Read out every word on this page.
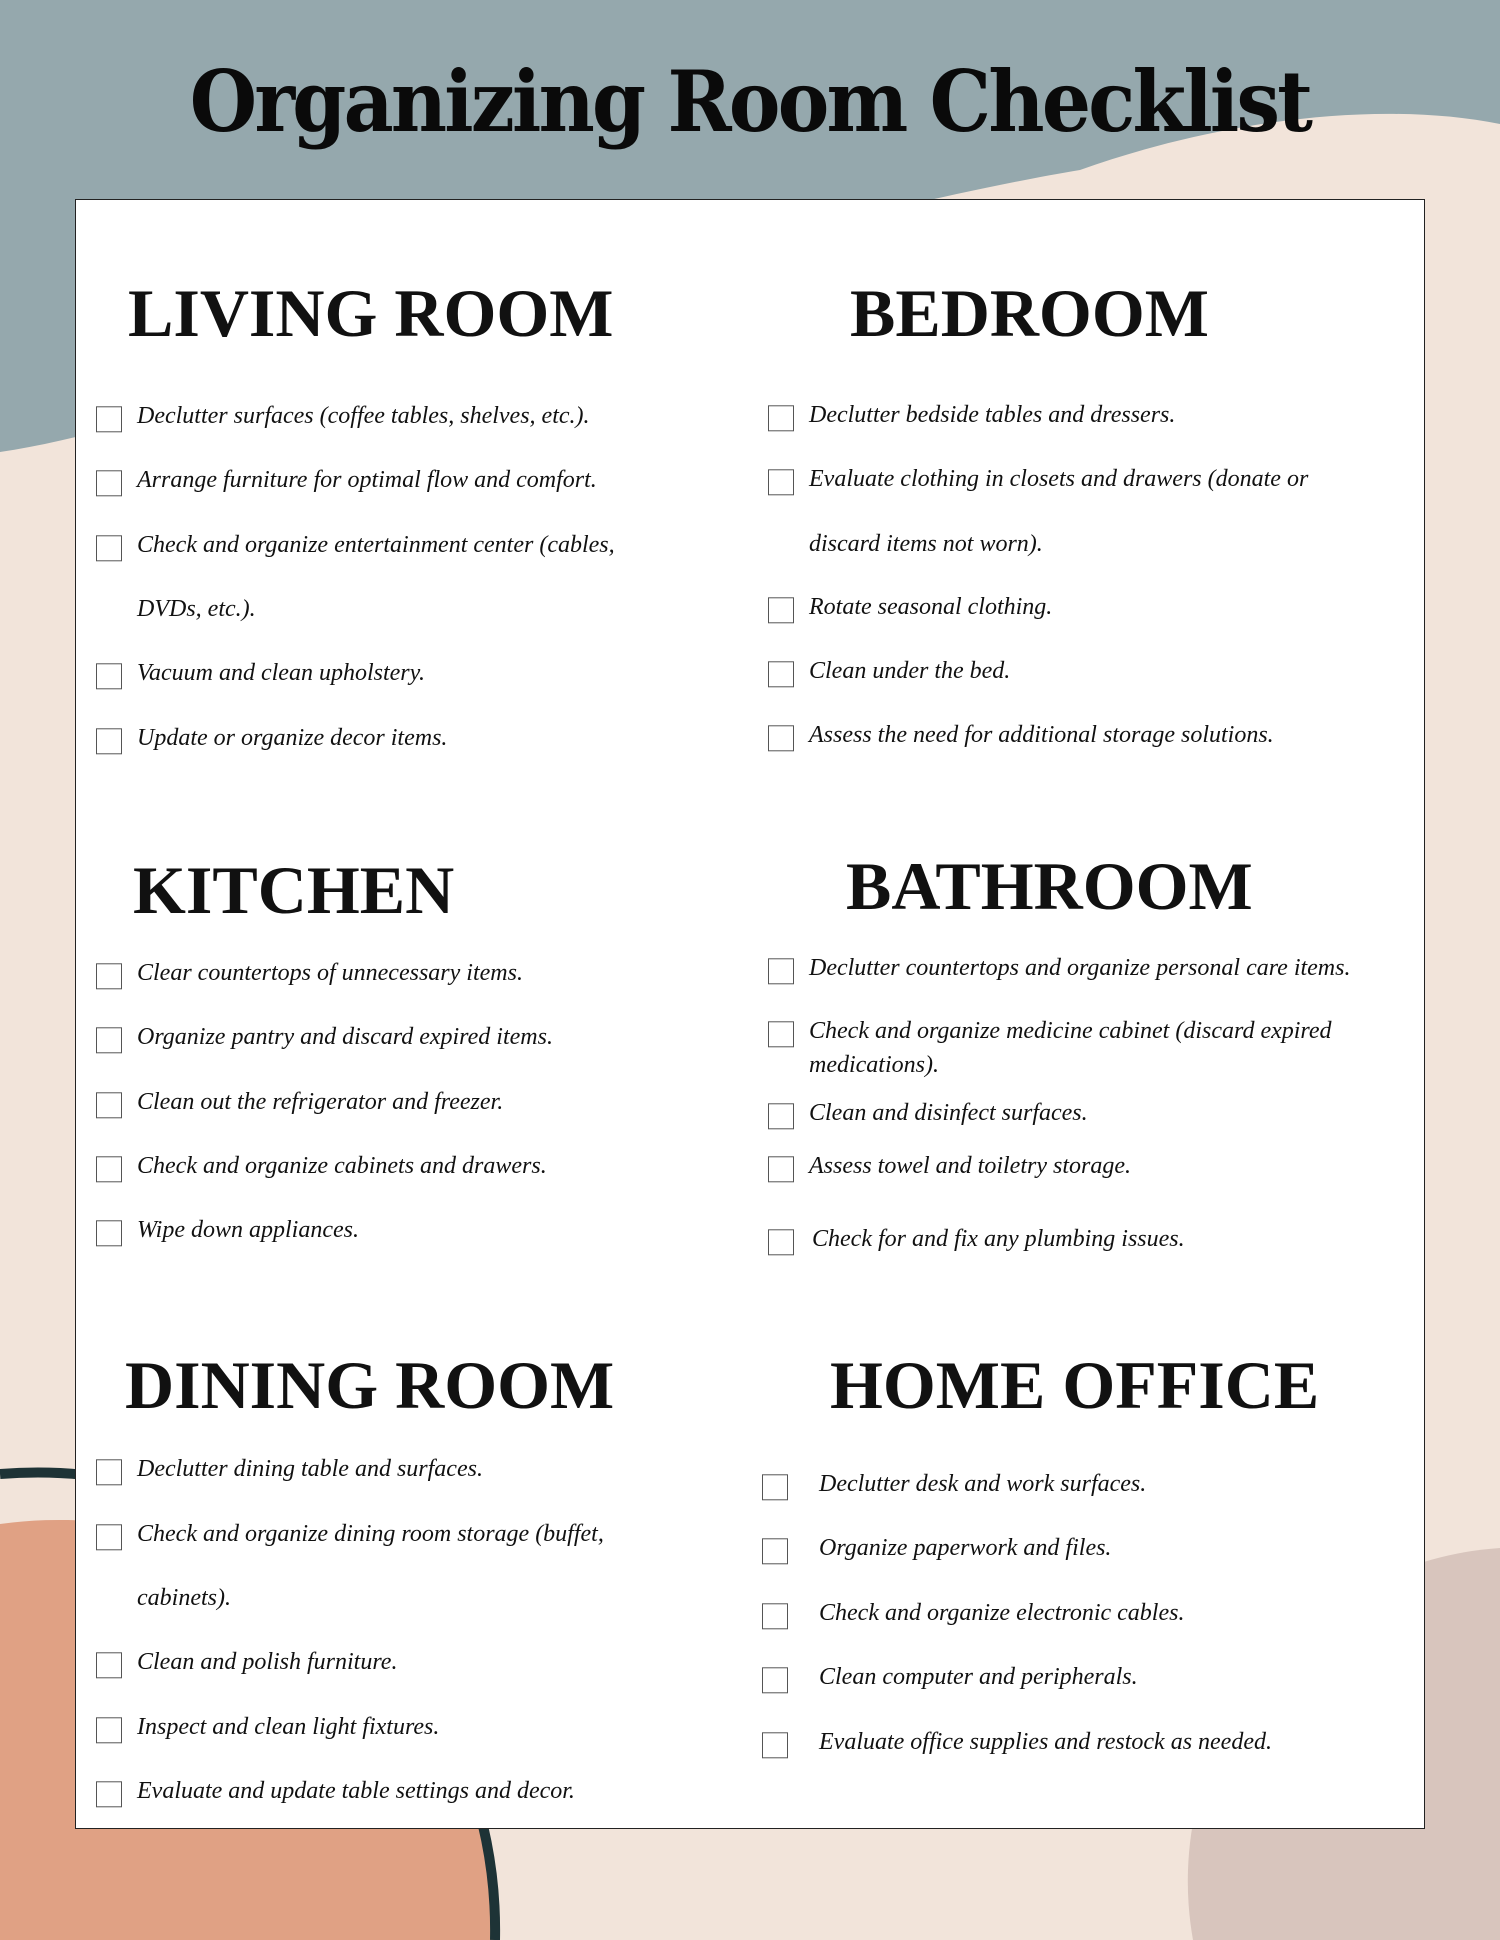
Organizing Room Checklist
LIVING ROOM
Declutter surfaces (coffee tables, shelves, etc.).
Arrange furniture for optimal flow and comfort.
Check and organize entertainment center (cables,
DVDs, etc.).
Vacuum and clean upholstery.
Update or organize decor items.
BEDROOM
Declutter bedside tables and dressers.
Evaluate clothing in closets and drawers (donate or
discard items not worn).
Rotate seasonal clothing.
Clean under the bed.
Assess the need for additional storage solutions.
KITCHEN
Clear countertops of unnecessary items.
Organize pantry and discard expired items.
Clean out the refrigerator and freezer.
Check and organize cabinets and drawers.
Wipe down appliances.
BATHROOM
Declutter countertops and organize personal care items.
Check and organize medicine cabinet (discard expired
medications).
Clean and disinfect surfaces.
Assess towel and toiletry storage.
Check for and fix any plumbing issues.
DINING ROOM
Declutter dining table and surfaces.
Check and organize dining room storage (buffet,
cabinets).
Clean and polish furniture.
Inspect and clean light fixtures.
Evaluate and update table settings and decor.
HOME OFFICE
Declutter desk and work surfaces.
Organize paperwork and files.
Check and organize electronic cables.
Clean computer and peripherals.
Evaluate office supplies and restock as needed.
